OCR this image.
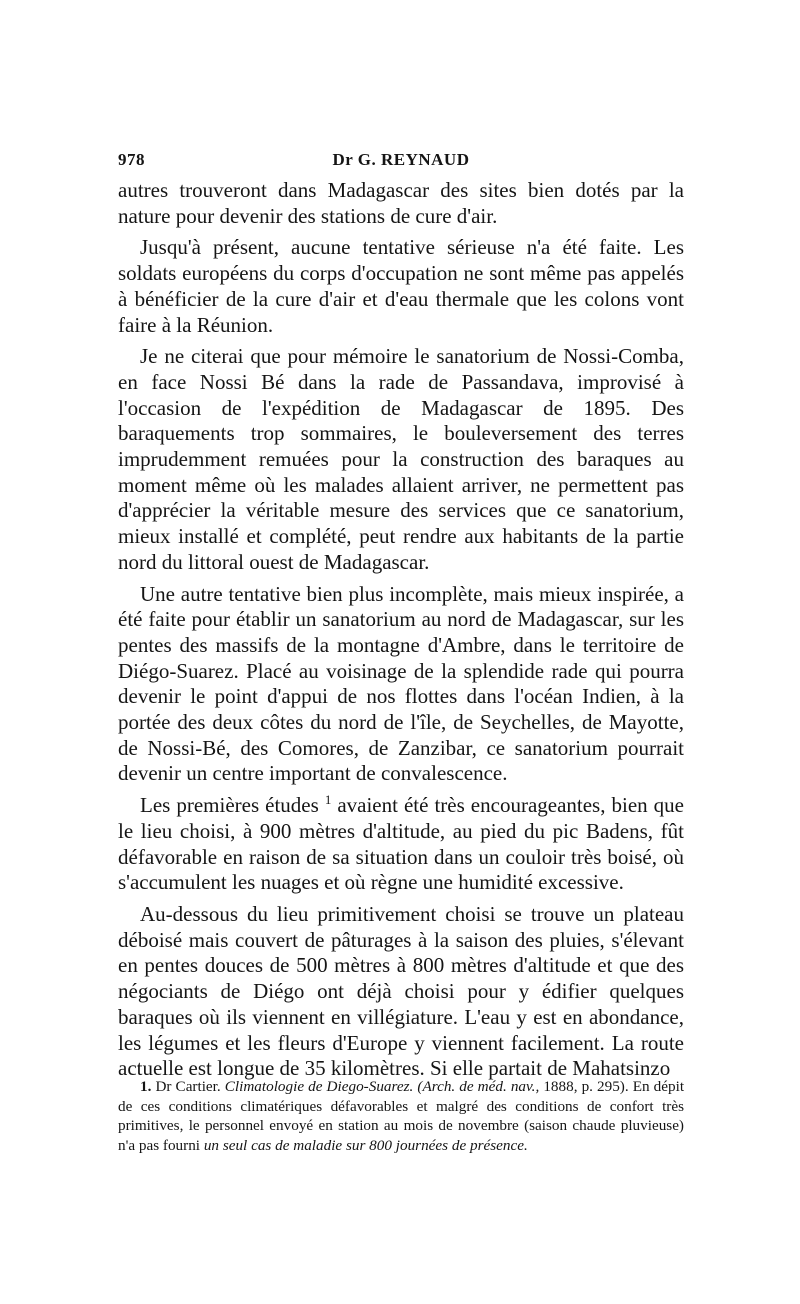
978	Dr G. REYNAUD

autres trouveront dans Madagascar des sites bien dotés par la nature pour devenir des stations de cure d'air.

Jusqu'à présent, aucune tentative sérieuse n'a été faite. Les soldats européens du corps d'occupation ne sont même pas appelés à bénéficier de la cure d'air et d'eau thermale que les colons vont faire à la Réunion.

Je ne citerai que pour mémoire le sanatorium de Nossi-Comba, en face Nossi Bé dans la rade de Passandava, improvisé à l'occasion de l'expédition de Madagascar de 1895. Des baraquements trop sommaires, le bouleversement des terres imprudemment remuées pour la construction des baraques au moment même où les malades allaient arriver, ne permettent pas d'apprécier la véritable mesure des services que ce sanatorium, mieux installé et complété, peut rendre aux habitants de la partie nord du littoral ouest de Madagascar.

Une autre tentative bien plus incomplète, mais mieux inspirée, a été faite pour établir un sanatorium au nord de Madagascar, sur les pentes des massifs de la montagne d'Ambre, dans le territoire de Diégo-Suarez. Placé au voisinage de la splendide rade qui pourra devenir le point d'appui de nos flottes dans l'océan Indien, à la portée des deux côtes du nord de l'île, de Seychelles, de Mayotte, de Nossi-Bé, des Comores, de Zanzibar, ce sanatorium pourrait devenir un centre important de convalescence.

Les premières études $^1$ avaient été très encourageantes, bien que le lieu choisi, à 900 mètres d'altitude, au pied du pic Badens, fût défavorable en raison de sa situation dans un couloir très boisé, où s'accumulent les nuages et où règne une humidité excessive.

Au-dessous du lieu primitivement choisi se trouve un plateau déboisé mais couvert de pâturages à la saison des pluies, s'élevant en pentes douces de 500 mètres à 800 mètres d'altitude et que des négociants de Diégo ont déjà choisi pour y édifier quelques baraques où ils viennent en villégiature. L'eau y est en abondance, les légumes et les fleurs d'Europe y viennent facilement. La route actuelle est longue de 35 kilomètres. Si elle partait de Mahatsinzo

1. Dr Cartier. Climatologie de Diego-Suarez. (Arch. de méd. nav., 1888, p. 295). En dépit de ces conditions climatériques défavorables et malgré des conditions de confort très primitives, le personnel envoyé en station au mois de novembre (saison chaude pluvieuse) n'a pas fourni un seul cas de maladie sur 800 journées de présence.
